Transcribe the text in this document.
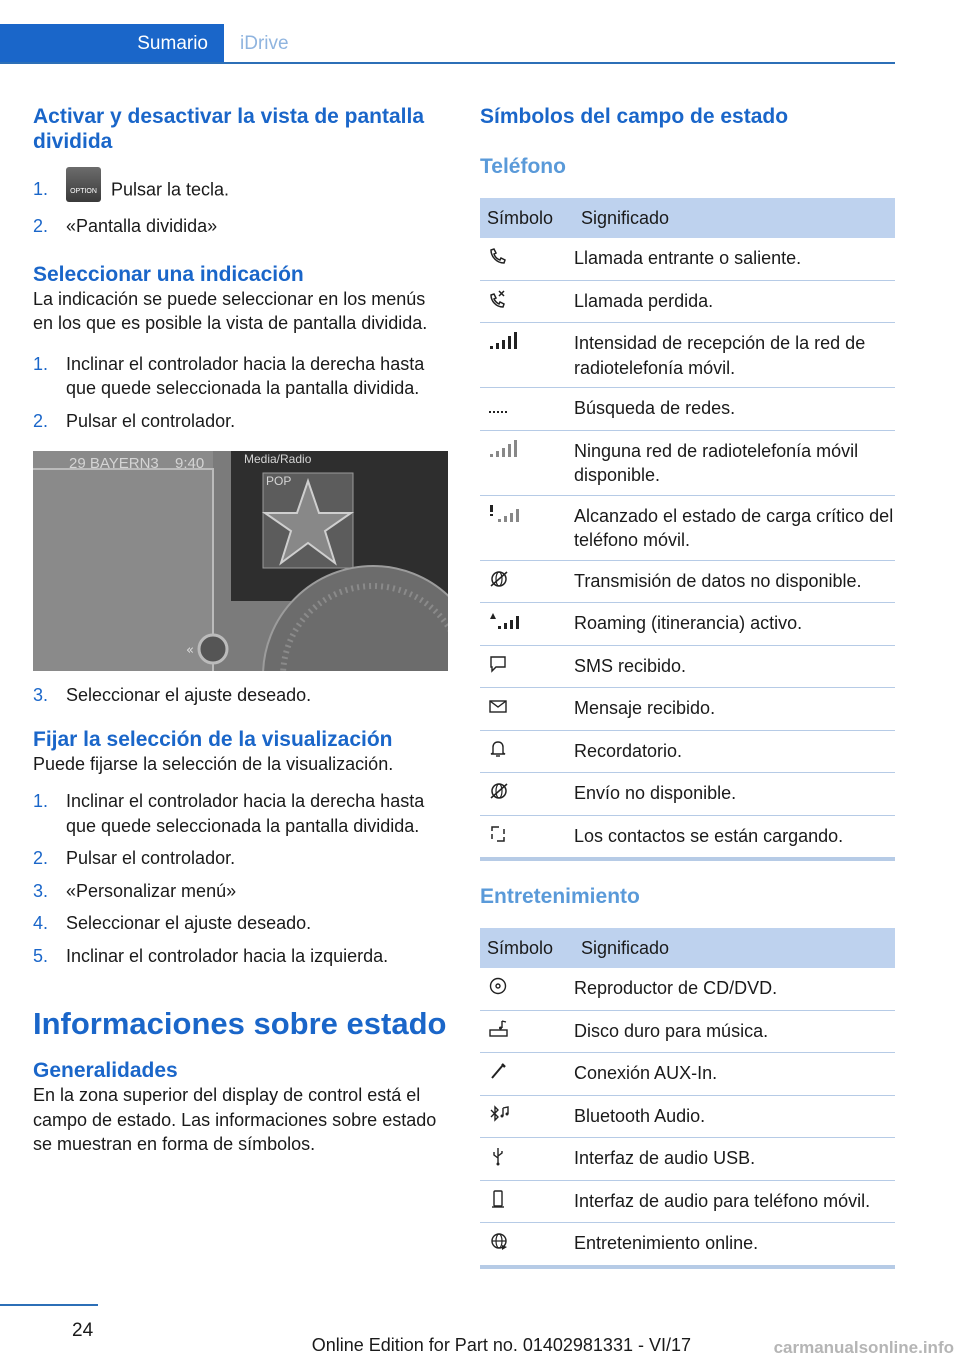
Sumario iDrive
Activar y desactivar la vista de pantalla dividida
1.	OPTION Pulsar la tecla.
2. «Pantalla dividida»
Seleccionar una indicación

La indicación se puede seleccionar en los menús en los que es posible la vista de pantalla dividida.

1. Inclinar el controlador hacia la derecha hasta que quede seleccionada la pantalla dividida.
2. Pulsar el controlador.
«
29 BAYERN3 9:40	Media/Radio
POP
3. Seleccionar el ajuste deseado.
Fijar la selección de la visualización

Puede fijarse la selección de la visualización.

1. Inclinar el controlador hacia la derecha hasta que quede seleccionada la pantalla dividida.
2. Pulsar el controlador.
3. «Personalizar menú»
4. Seleccionar el ajuste deseado.
5. Inclinar el controlador hacia la izquierda.
Informaciones sobre estado
Generalidades

En la zona superior del display de control está el campo de estado. Las informaciones sobre estado se muestran en forma de símbolos.

Símbolos del campo de estado
Teléfono
Símbolo	Significado
	Llamada entrante o saliente.
	Llamada perdida.
	Intensidad de recepción de la red de radiotelefonía móvil.
	Búsqueda de redes.
	Ninguna red de radiotelefonía móvil disponible.
	Alcanzado el estado de carga crítico del teléfono móvil.
	Transmisión de datos no disponible.
	Roaming (itinerancia) activo.
	SMS recibido.
	Mensaje recibido.
	Recordatorio.
	Envío no disponible.
	Los contactos se están cargando.
Entretenimiento
Símbolo	Significado
	Reproductor de CD/DVD.
	Disco duro para música.
	Conexión AUX-In.
	Bluetooth Audio.
	Interfaz de audio USB.
	Interfaz de audio para teléfono móvil.
	Entretenimiento online.
24
Online Edition for Part no. 01402981331 - VI/17	carmanualsonline.info
